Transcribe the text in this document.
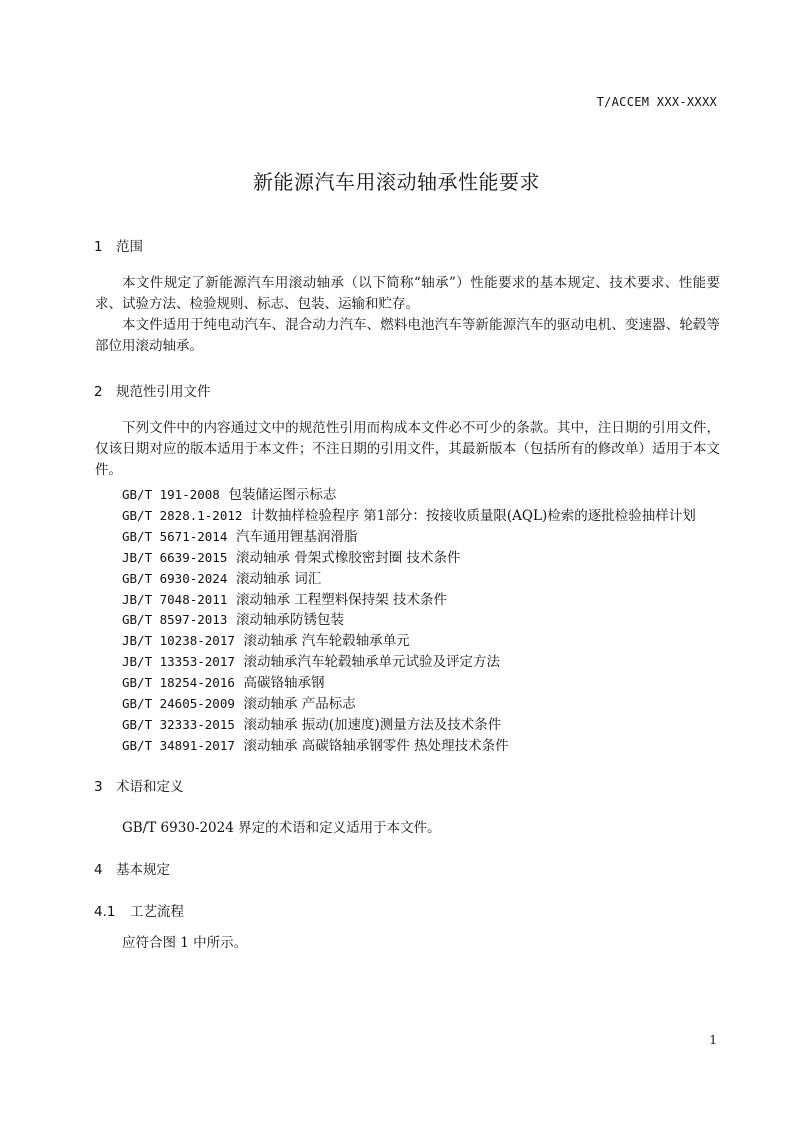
T/ACCEM XXX-XXXX
新能源汽车用滚动轴承性能要求
1 范围
本文件规定了新能源汽车用滚动轴承（以下简称“轴承”）性能要求的基本规定、技术要求、性能要求、试验方法、检验规则、标志、包装、运输和贮存。
本文件适用于纯电动汽车、混合动力汽车、燃料电池汽车等新能源汽车的驱动电机、变速器、轮毂等部位用滚动轴承。
2 规范性引用文件
下列文件中的内容通过文中的规范性引用而构成本文件必不可少的条款。其中，注日期的引用文件，仅该日期对应的版本适用于本文件；不注日期的引用文件，其最新版本（包括所有的修改单）适用于本文件。
GB/T 191-2008 包装储运图示标志
GB/T 2828.1-2012 计数抽样检验程序 第1部分：按接收质量限(AQL)检索的逐批检验抽样计划
GB/T 5671-2014 汽车通用锂基润滑脂
JB/T 6639-2015 滚动轴承 骨架式橡胶密封圈 技术条件
GB/T 6930-2024 滚动轴承 词汇
JB/T 7048-2011 滚动轴承 工程塑料保持架 技术条件
GB/T 8597-2013 滚动轴承防锈包装
JB/T 10238-2017 滚动轴承 汽车轮毂轴承单元
JB/T 13353-2017 滚动轴承汽车轮毂轴承单元试验及评定方法
GB/T 18254-2016 高碳铬轴承钢
GB/T 24605-2009 滚动轴承 产品标志
GB/T 32333-2015 滚动轴承 振动(加速度)测量方法及技术条件
GB/T 34891-2017 滚动轴承 高碳铬轴承钢零件 热处理技术条件
3 术语和定义
GB/T 6930-2024 界定的术语和定义适用于本文件。
4 基本规定
4.1 工艺流程
应符合图 1 中所示。
1
